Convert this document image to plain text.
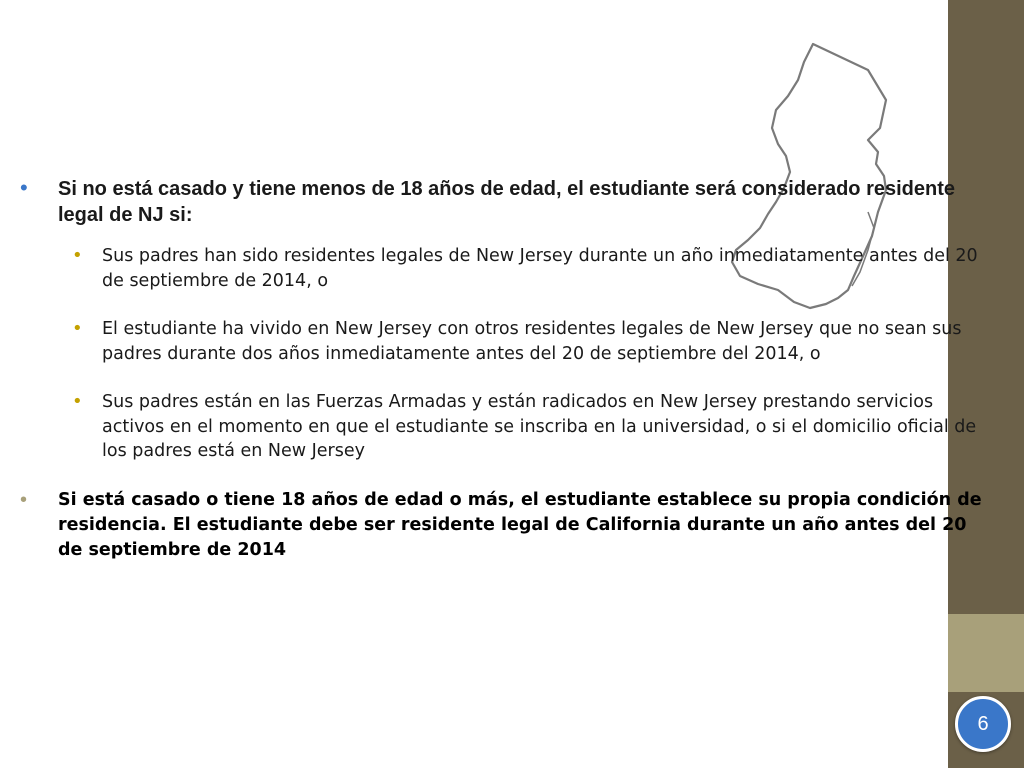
6
• Si no está casado y tiene menos de 18 años de edad, el estudiante será considerado residente legal de NJ si:
• Sus padres han sido residentes legales de New Jersey durante un año inmediatamente antes del 20 de septiembre de 2014, o
• El estudiante ha vivido en New Jersey con otros residentes legales de New Jersey que no sean sus padres durante dos años inmediatamente antes del 20 de septiembre del 2014, o
• Sus padres están en las Fuerzas Armadas y están radicados en New Jersey prestando servicios activos en el momento en que el estudiante se inscriba en la universidad, o si el domicilio oficial de los padres está en New Jersey
• Si está casado o tiene 18 años de edad o más, el estudiante establece su propia condición de residencia. El estudiante debe ser residente legal de California durante un año antes del 20 de septiembre de 2014
